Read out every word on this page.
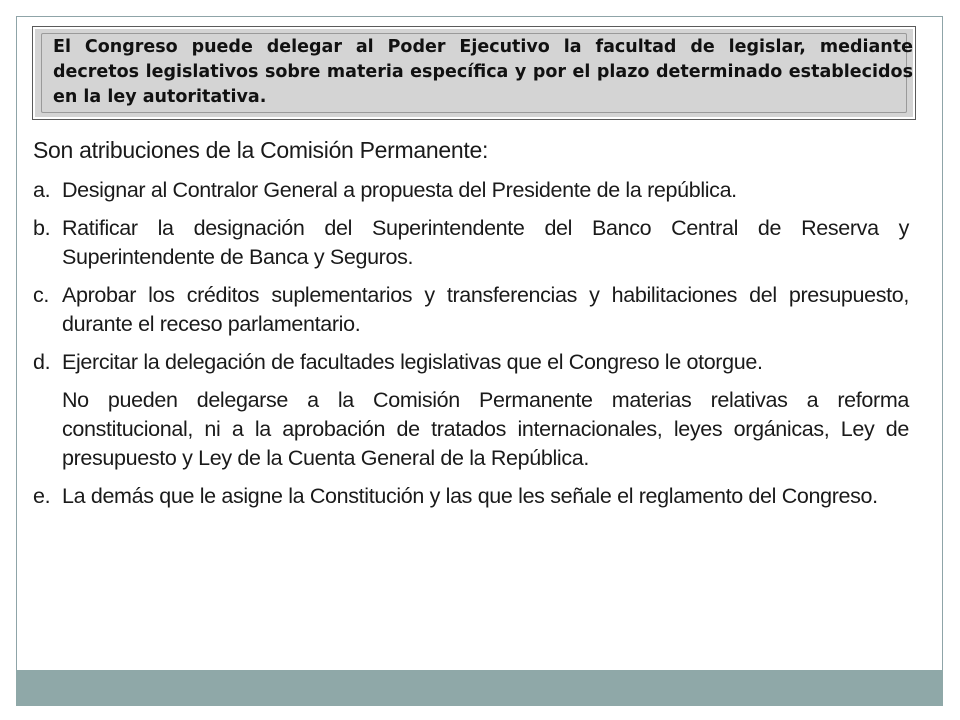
El Congreso puede delegar al Poder Ejecutivo la facultad de legislar, mediante decretos legislativos sobre materia específica y por el plazo determinado establecidos en la ley autoritativa.
Son atribuciones de la Comisión Permanente:
a. Designar al Contralor General a propuesta del Presidente de la república.
b. Ratificar la designación del Superintendente del Banco Central de Reserva y Superintendente de Banca y Seguros.
c. Aprobar los créditos suplementarios y transferencias y habilitaciones del presupuesto, durante el receso parlamentario.
d. Ejercitar la delegación de facultades legislativas que el Congreso le otorgue.
No pueden delegarse a la Comisión Permanente materias relativas a reforma constitucional, ni a la aprobación de tratados internacionales, leyes orgánicas, Ley de presupuesto y Ley de la Cuenta General de la República.
e. La demás que le asigne la Constitución y las que les señale el reglamento del Congreso.
